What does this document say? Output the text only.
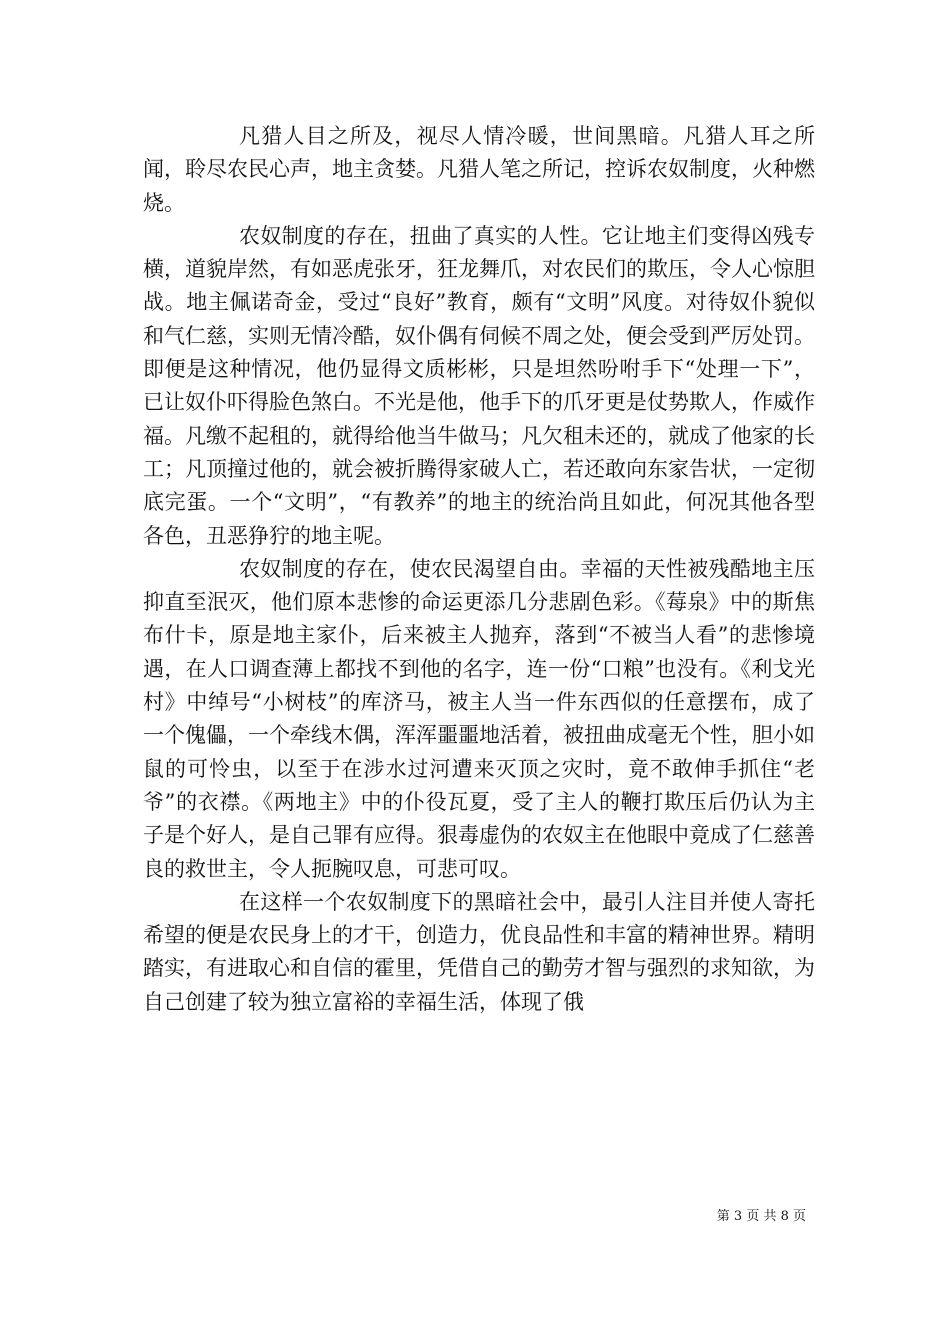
凡猎人目之所及，视尽人情冷暖，世间黑暗。凡猎人耳之所闻，聆尽农民心声，地主贪婪。凡猎人笔之所记，控诉农奴制度，火种燃烧。

农奴制度的存在，扭曲了真实的人性。它让地主们变得凶残专横，道貌岸然，有如恶虎张牙，狂龙舞爪，对农民们的欺压，令人心惊胆战。地主佩诺奇金，受过“良好”教育，颇有“文明”风度。对待奴仆貌似和气仁慈，实则无情冷酷，奴仆偶有伺候不周之处，便会受到严厉处罚。即便是这种情况，他仍显得文质彬彬，只是坦然吩咐手下“处理一下”，已让奴仆吓得脸色煞白。不光是他，他手下的爪牙更是仗势欺人，作威作福。凡缴不起租的，就得给他当牛做马；凡欠租未还的，就成了他家的长工；凡顶撞过他的，就会被折腾得家破人亡，若还敢向东家告状，一定彻底完蛋。一个“文明”，“有教养”的地主的统治尚且如此，何况其他各型各色，丑恶狰狞的地主呢。

农奴制度的存在，使农民渴望自由。幸福的天性被残酷地主压抑直至泯灭，他们原本悲惨的命运更添几分悲剧色彩。《莓泉》中的斯焦布什卡，原是地主家仆，后来被主人抛弃，落到“不被当人看”的悲惨境遇，在人口调查薄上都找不到他的名字，连一份“口粮”也没有。《利戈光村》中绰号“小树枝”的库济马，被主人当一件东西似的任意摆布，成了一个傀儡，一个牵线木偶，浑浑噩噩地活着，被扭曲成毫无个性，胆小如鼠的可怜虫，以至于在涉水过河遭来灭顶之灾时，竟不敢伸手抓住“老爷”的衣襟。《两地主》中的仆役瓦夏，受了主人的鞭打欺压后仍认为主子是个好人，是自己罪有应得。狠毒虚伪的农奴主在他眼中竟成了仁慈善良的救世主，令人扼腕叹息，可悲可叹。

在这样一个农奴制度下的黑暗社会中，最引人注目并使人寄托希望的便是农民身上的才干，创造力，优良品性和丰富的精神世界。精明踏实，有进取心和自信的霍里，凭借自己的勤劳才智与强烈的求知欲，为自己创建了较为独立富裕的幸福生活，体现了俄

第 3 页 共 8 页
